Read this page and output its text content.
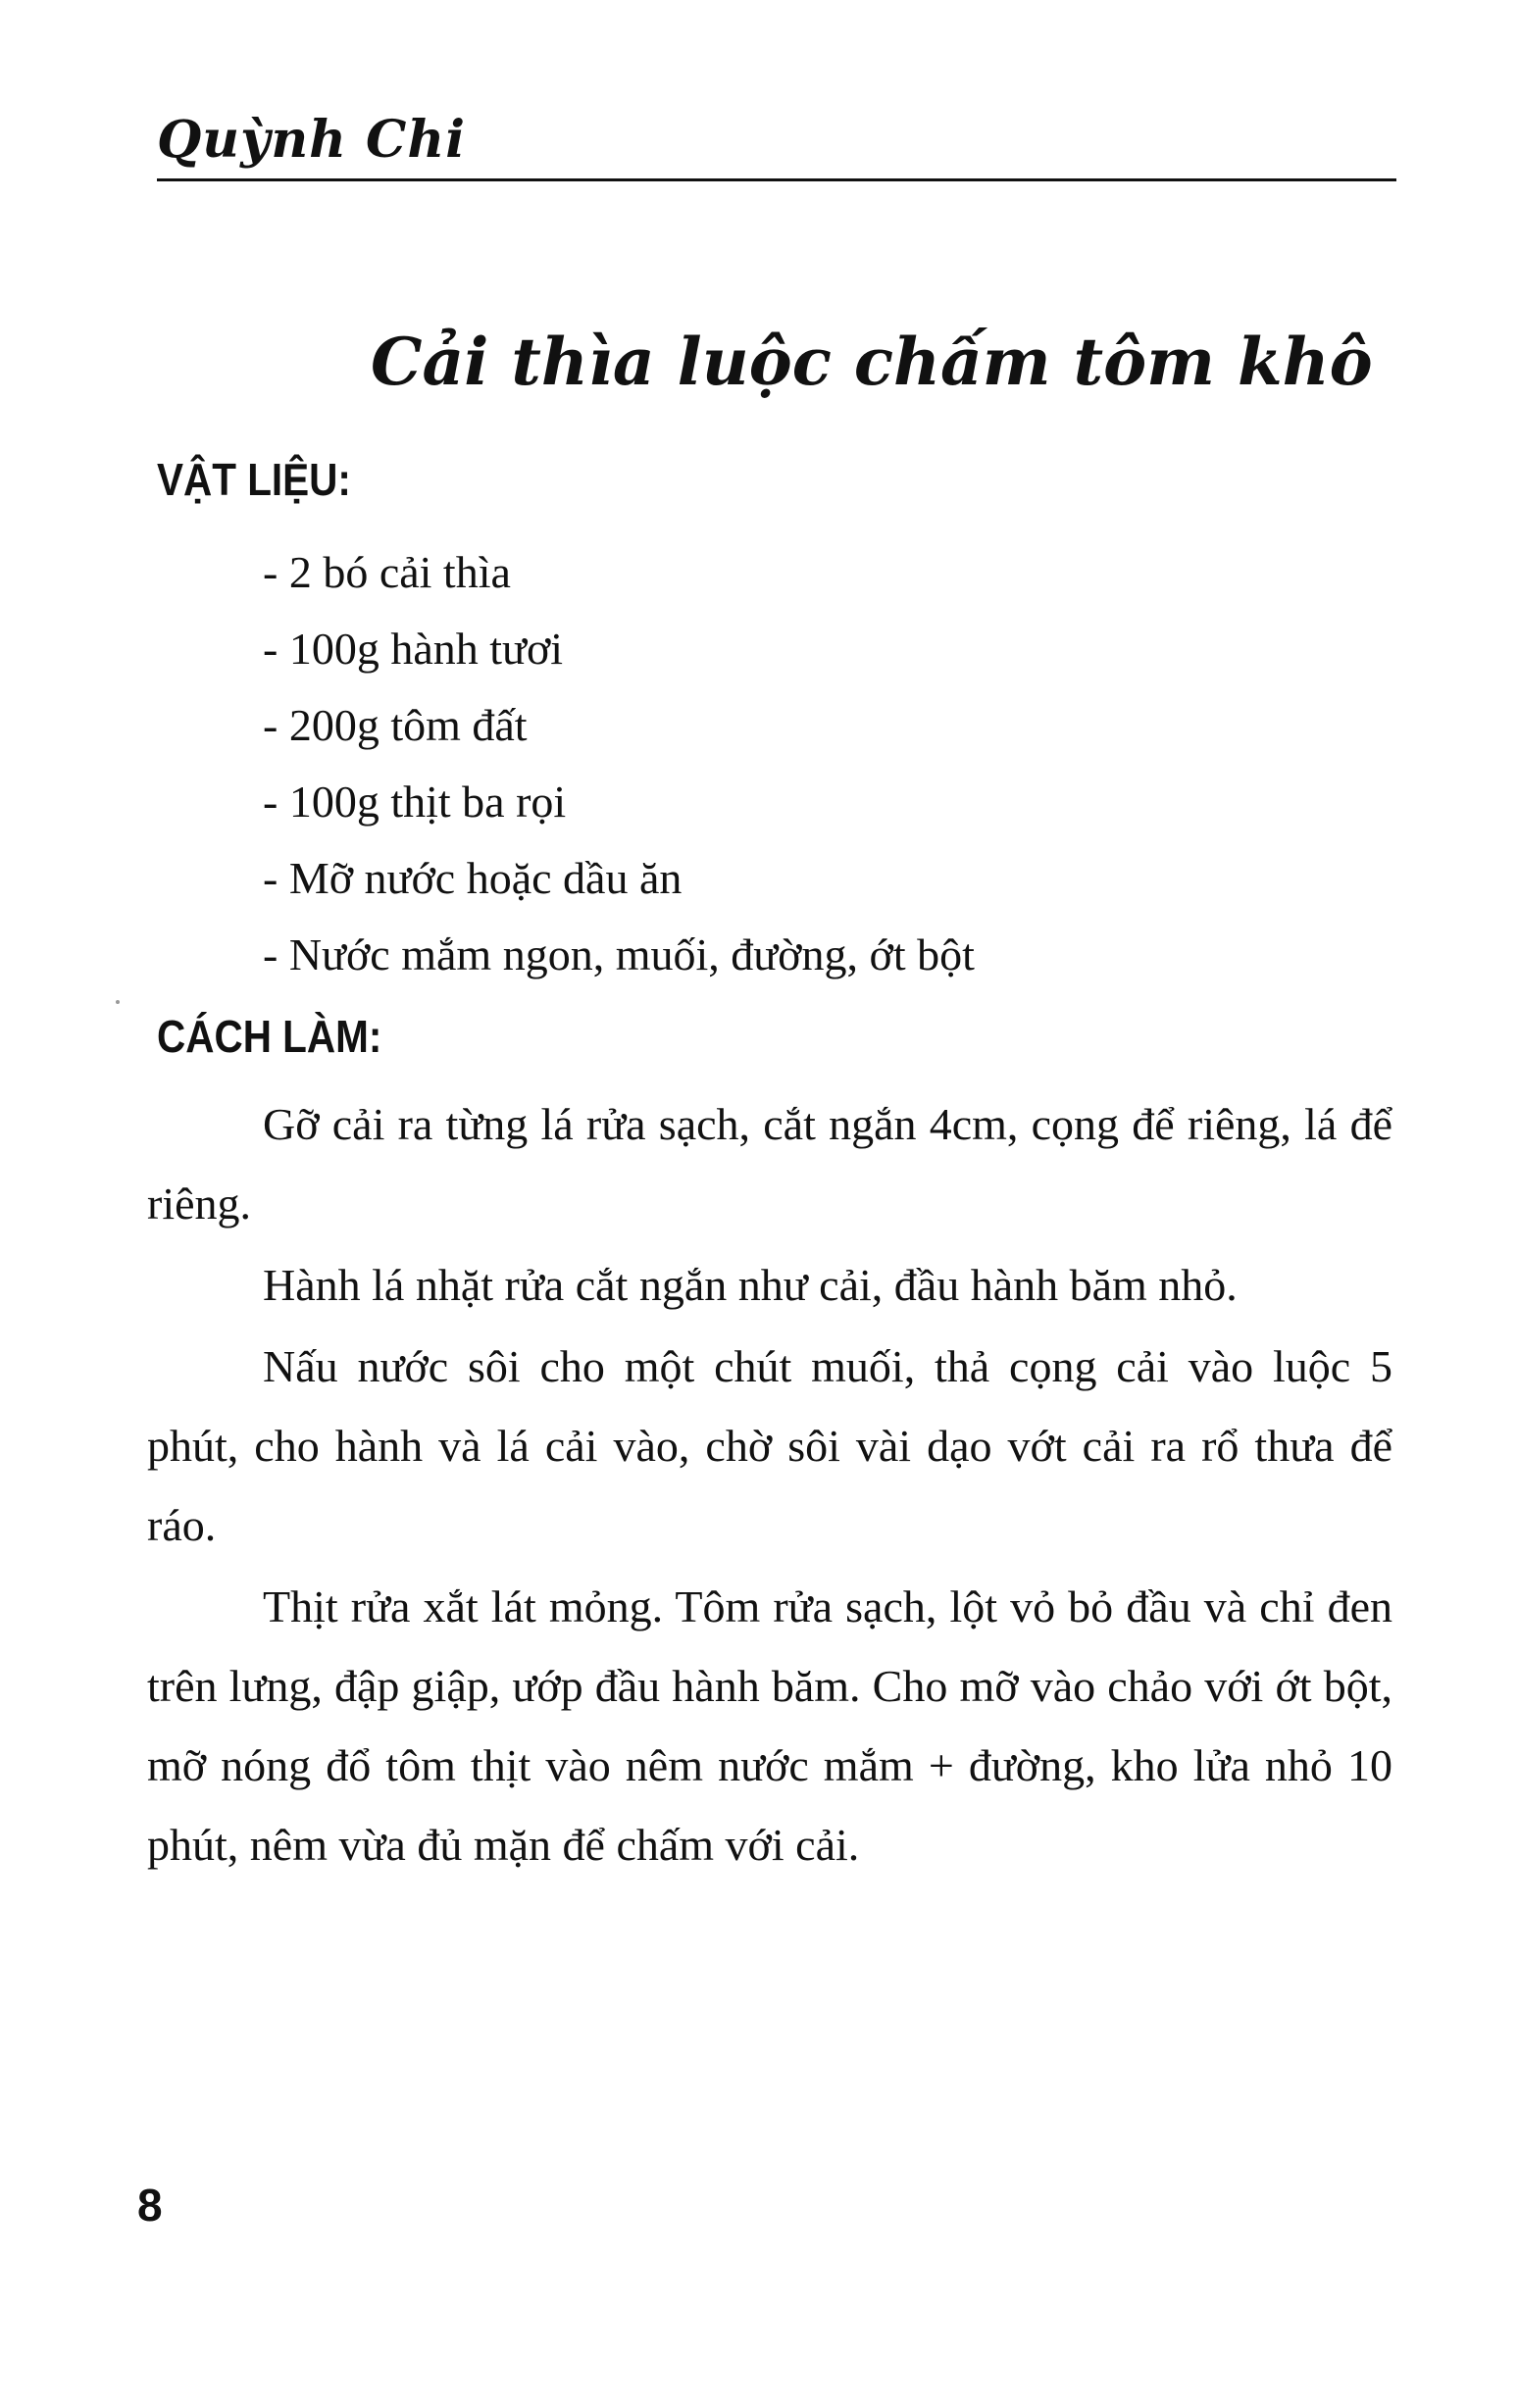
Quỳnh Chi
Cải thìa luộc chấm tôm khô
VẬT LIỆU:
- 2 bó cải thìa
- 100g hành tươi
- 200g tôm đất
- 100g thịt ba rọi
- Mỡ nước hoặc dầu ăn
- Nước mắm ngon, muối, đường, ớt bột
CÁCH LÀM:

Gỡ cải ra từng lá rửa sạch, cắt ngắn 4cm, cọng để riêng, lá để riêng.

Hành lá nhặt rửa cắt ngắn như cải, đầu hành băm nhỏ.

Nấu nước sôi cho một chút muối, thả cọng cải vào luộc 5 phút, cho hành và lá cải vào, chờ sôi vài dạo vớt cải ra rổ thưa để ráo.

Thịt rửa xắt lát mỏng. Tôm rửa sạch, lột vỏ bỏ đầu và chỉ đen trên lưng, đập giập, ướp đầu hành băm. Cho mỡ vào chảo với ớt bột, mỡ nóng đổ tôm thịt vào nêm nước mắm + đường, kho lửa nhỏ 10 phút, nêm vừa đủ mặn để chấm với cải.

8
